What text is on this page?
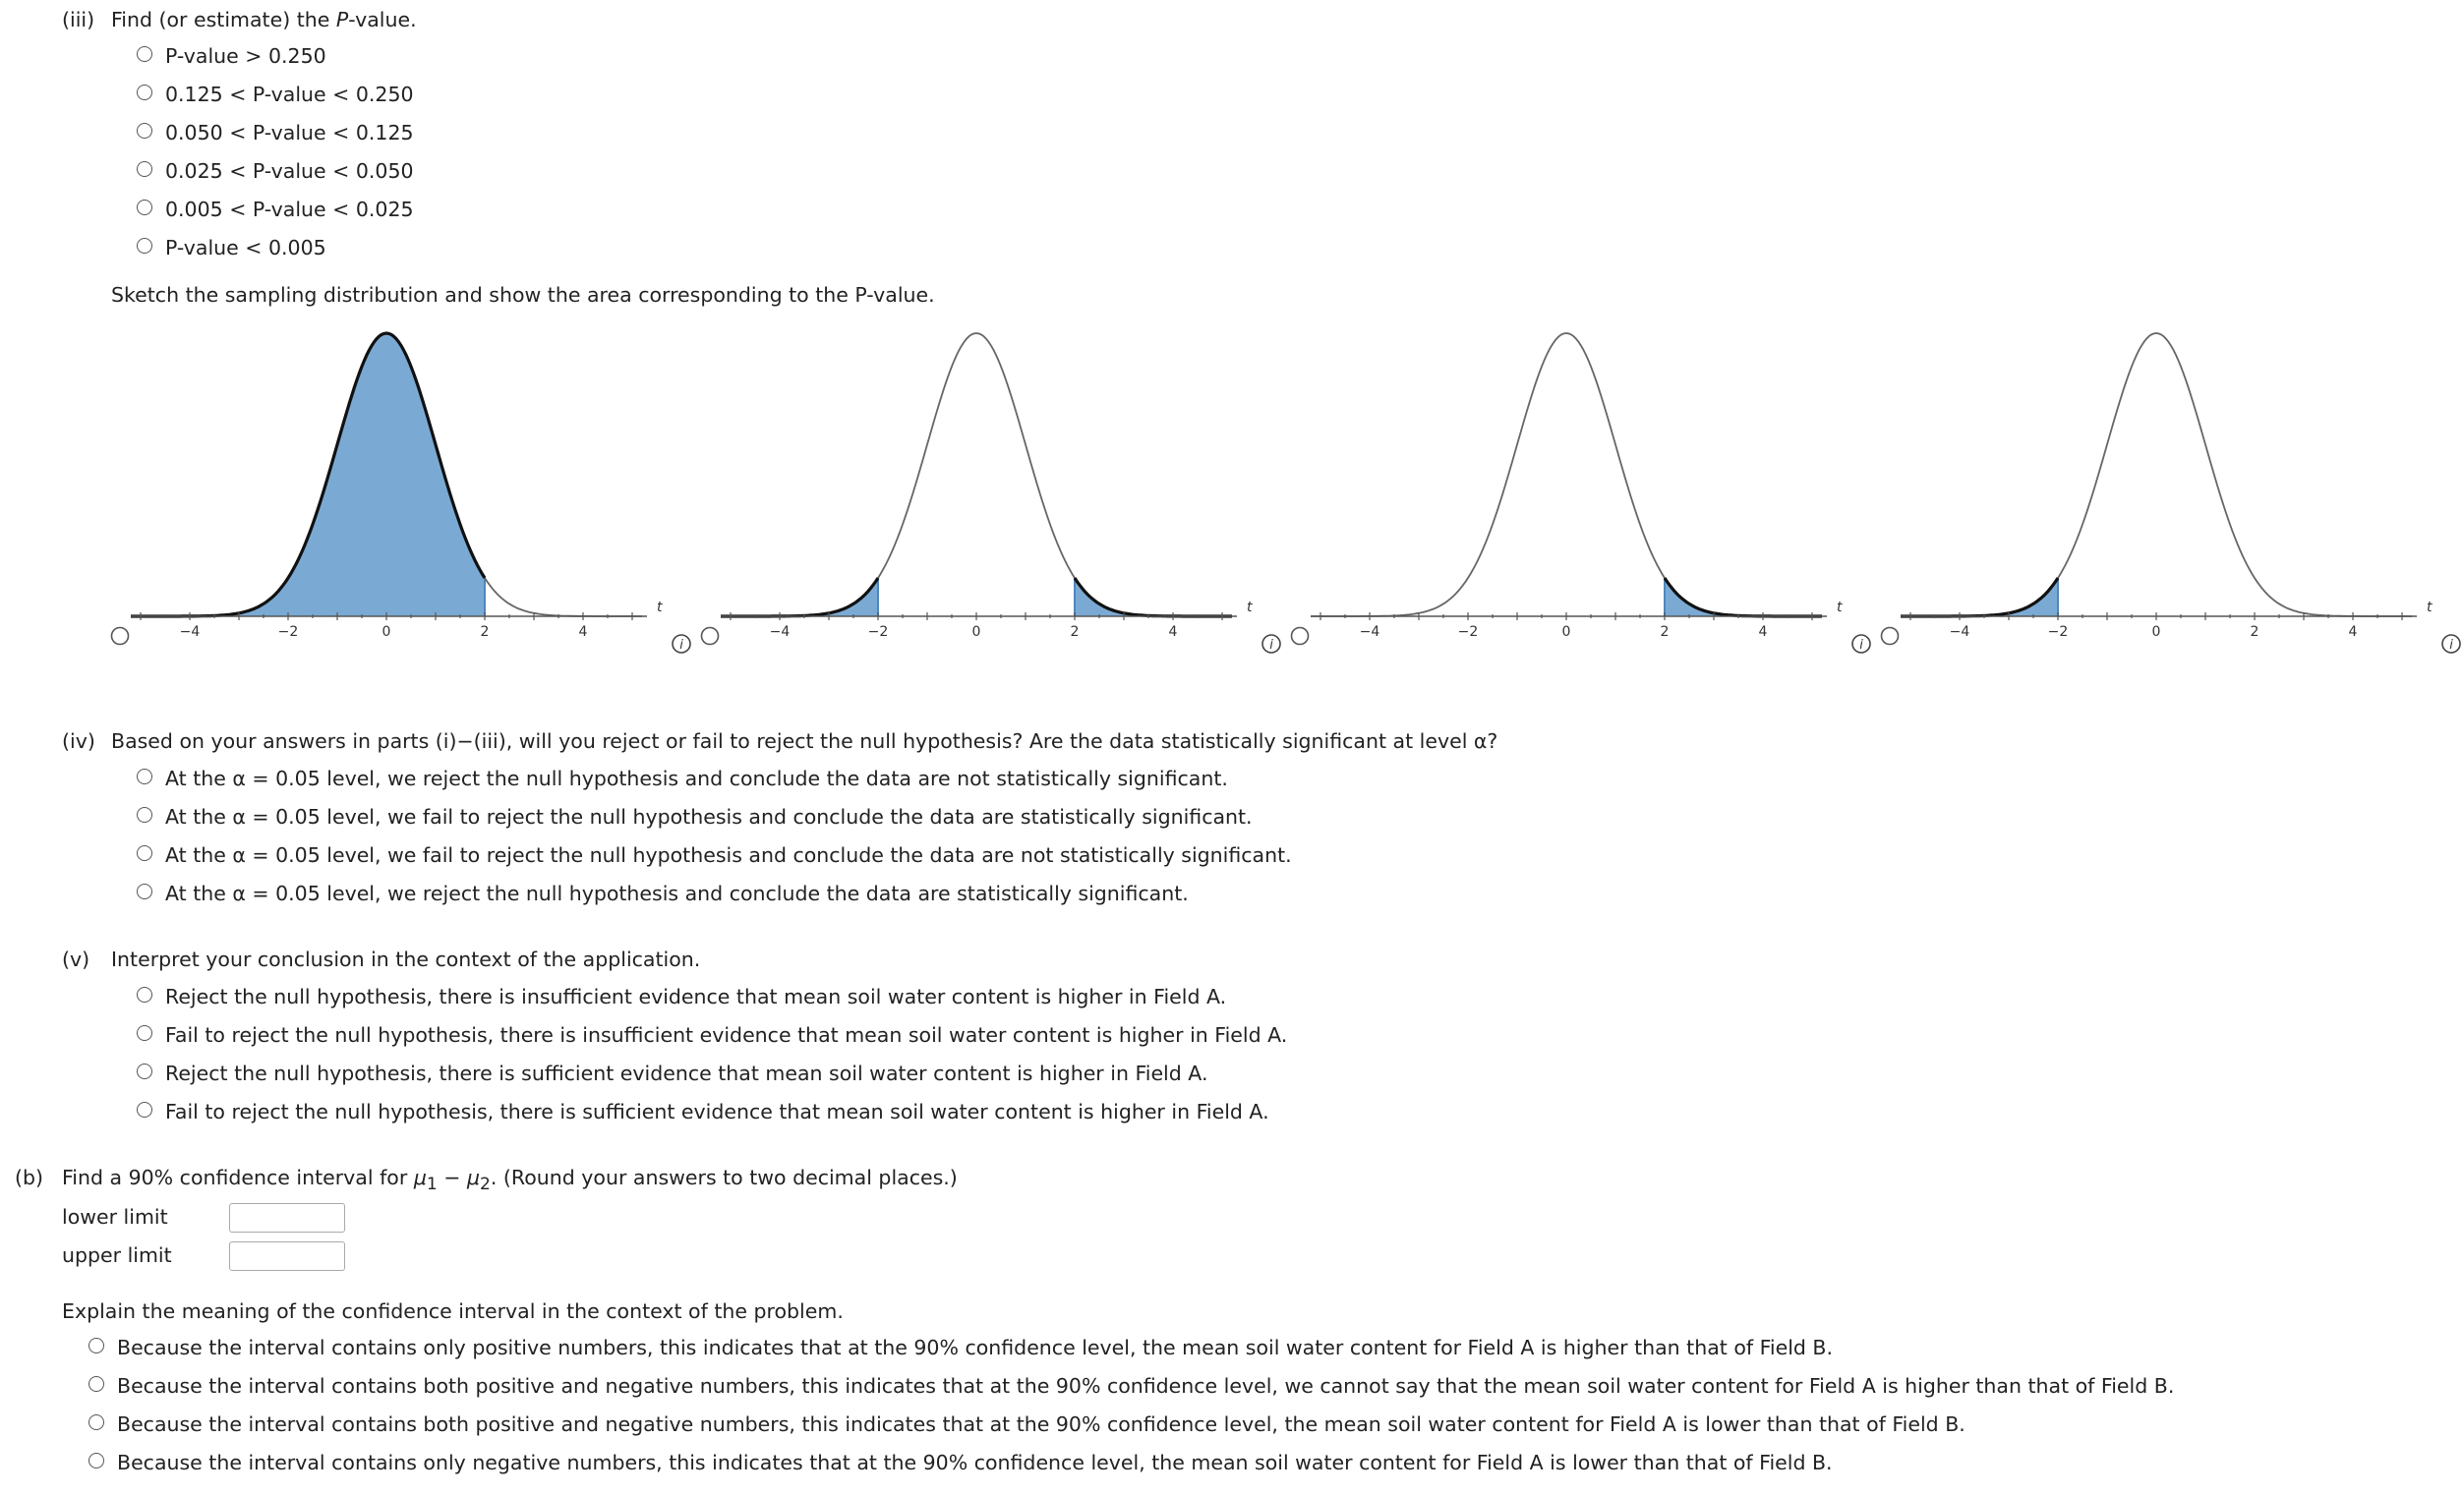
(iii) Find (or estimate) the P-value.
P-value > 0.250
0.125 < P-value < 0.250
0.050 < P-value < 0.125
0.025 < P-value < 0.050
0.005 < P-value < 0.025
P-value < 0.005
Sketch the sampling distribution and show the area corresponding to the P-value.
−4	−2	0	2	4
t
i
−4	−2	0	2	4
t
i
−4	−2	0	2	4
t
i
−4	−2	0	2	4
t
i
(iv) Based on your answers in parts (i)−(iii), will you reject or fail to reject the null hypothesis? Are the data statistically significant at level α?
At the α = 0.05 level, we reject the null hypothesis and conclude the data are not statistically significant.
At the α = 0.05 level, we fail to reject the null hypothesis and conclude the data are statistically significant.
At the α = 0.05 level, we fail to reject the null hypothesis and conclude the data are not statistically significant.
At the α = 0.05 level, we reject the null hypothesis and conclude the data are statistically significant.
(v) Interpret your conclusion in the context of the application.
Reject the null hypothesis, there is insufficient evidence that mean soil water content is higher in Field A.
Fail to reject the null hypothesis, there is insufficient evidence that mean soil water content is higher in Field A.
Reject the null hypothesis, there is sufficient evidence that mean soil water content is higher in Field A.
Fail to reject the null hypothesis, there is sufficient evidence that mean soil water content is higher in Field A.
(b) Find a 90% confidence interval for $\mu_1 - \mu_2$. (Round your answers to two decimal places.)
lower limit
upper limit
Explain the meaning of the confidence interval in the context of the problem.
Because the interval contains only positive numbers, this indicates that at the 90% confidence level, the mean soil water content for Field A is higher than that of Field B.
Because the interval contains both positive and negative numbers, this indicates that at the 90% confidence level, we cannot say that the mean soil water content for Field A is higher than that of Field B.
Because the interval contains both positive and negative numbers, this indicates that at the 90% confidence level, the mean soil water content for Field A is lower than that of Field B.
Because the interval contains only negative numbers, this indicates that at the 90% confidence level, the mean soil water content for Field A is lower than that of Field B.
